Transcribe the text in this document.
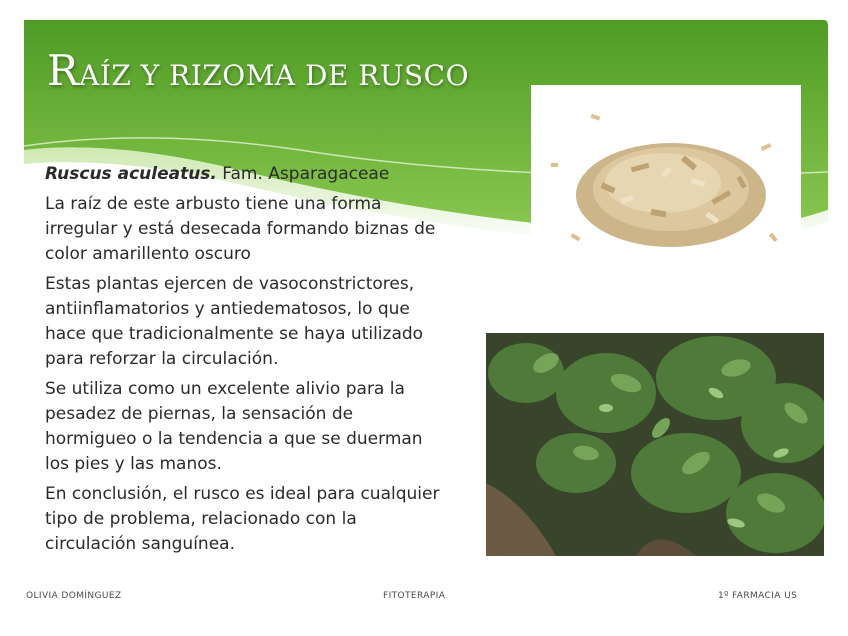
RAÍZ Y RIZOMA DE RUSCO

Ruscus aculeatus. Fam. Asparagaceae

La raíz de este arbusto tiene una forma irregular y está desecada formando biznas de color amarillento oscuro

Estas plantas ejercen de vasoconstrictores, antiinflamatorios y antiedematosos, lo que hace que tradicionalmente se haya utilizado para reforzar la circulación.

Se utiliza como un excelente alivio para la pesadez de piernas, la sensación de hormigueo o la tendencia a que se duerman los pies y las manos.

En conclusión, el rusco es ideal para cualquier tipo de problema, relacionado con la circulación sanguínea.

OLIVIA DOMÍNGUEZ	FITOTERAPIA	1º FARMACIA US
